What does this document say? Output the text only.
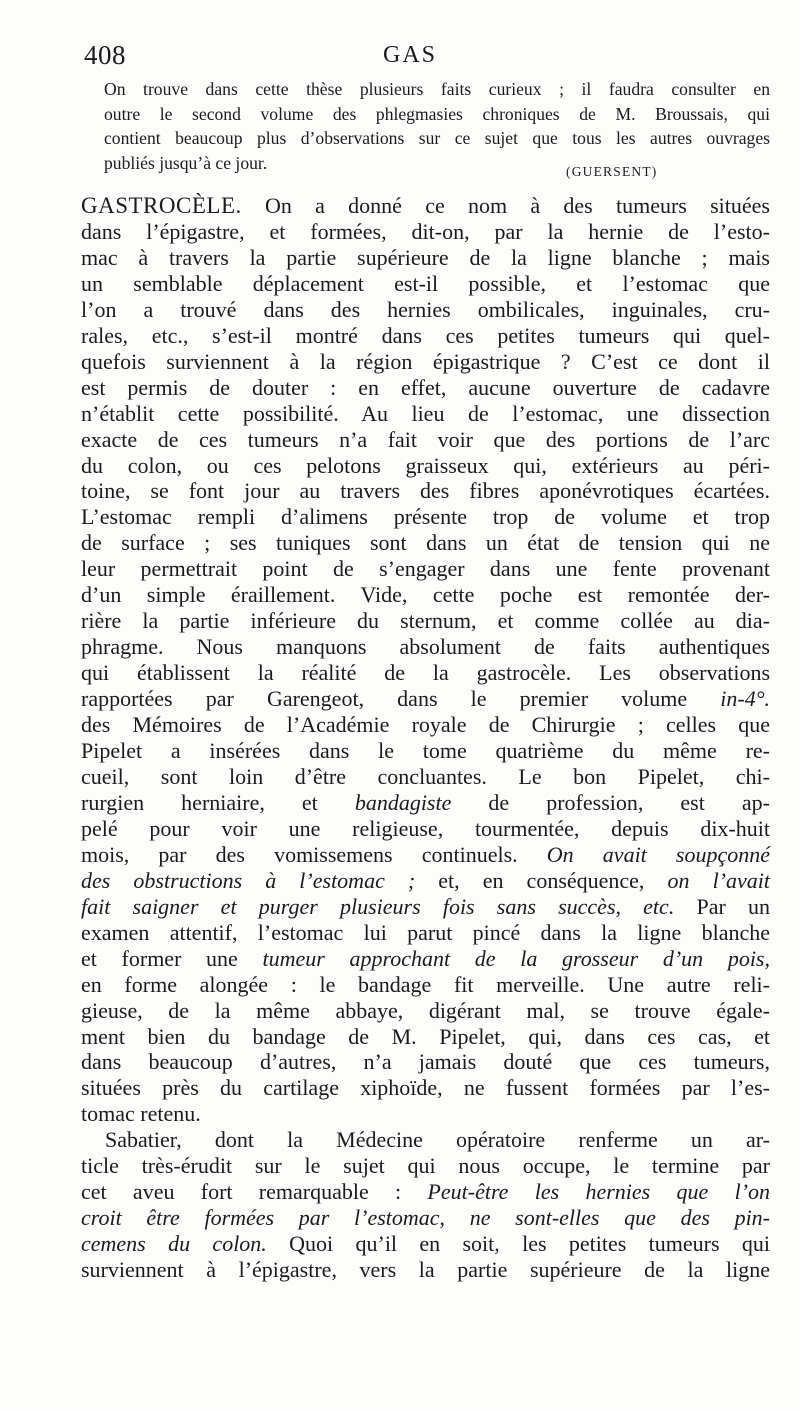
408	GAS
On trouve dans cette thèse plusieurs faits curieux ; il faudra consulter en
outre le second volume des phlegmasies chroniques de M. Broussais, qui
contient beaucoup plus d’observations sur ce sujet que tous les autres ouvrages
publiés jusqu’à ce jour.	(GUERSENT)
GASTROCÈLE. On a donné ce nom à des tumeurs situées
dans l’épigastre, et formées, dit-on, par la hernie de l’esto-
mac à travers la partie supérieure de la ligne blanche ; mais
un semblable déplacement est-il possible, et l’estomac que
l’on a trouvé dans des hernies ombilicales, inguinales, cru-
rales, etc., s’est-il montré dans ces petites tumeurs qui quel-
quefois surviennent à la région épigastrique ? C’est ce dont il
est permis de douter : en effet, aucune ouverture de cadavre
n’établit cette possibilité. Au lieu de l’estomac, une dissection
exacte de ces tumeurs n’a fait voir que des portions de l’arc
du colon, ou ces pelotons graisseux qui, extérieurs au péri-
toine, se font jour au travers des fibres aponévrotiques écartées.
L’estomac rempli d’alimens présente trop de volume et trop
de surface ; ses tuniques sont dans un état de tension qui ne
leur permettrait point de s’engager dans une fente provenant
d’un simple éraillement. Vide, cette poche est remontée der-
rière la partie inférieure du sternum, et comme collée au dia-
phragme. Nous manquons absolument de faits authentiques
qui établissent la réalité de la gastrocèle. Les observations
rapportées par Garengeot, dans le premier volume in-4°.
des Mémoires de l’Académie royale de Chirurgie ; celles que
Pipelet a insérées dans le tome quatrième du même re-
cueil, sont loin d’être concluantes. Le bon Pipelet, chi-
rurgien herniaire, et bandagiste de profession, est ap-
pelé pour voir une religieuse, tourmentée, depuis dix-huit
mois, par des vomissemens continuels. On avait soupçonné
des obstructions à l’estomac ; et, en conséquence, on l’avait
fait saigner et purger plusieurs fois sans succès, etc. Par un
examen attentif, l’estomac lui parut pincé dans la ligne blanche
et former une tumeur approchant de la grosseur d’un pois,
en forme alongée : le bandage fit merveille. Une autre reli-
gieuse, de la même abbaye, digérant mal, se trouve égale-
ment bien du bandage de M. Pipelet, qui, dans ces cas, et
dans beaucoup d’autres, n’a jamais douté que ces tumeurs,
situées près du cartilage xiphoïde, ne fussent formées par l’es-
tomac retenu.
Sabatier, dont la Médecine opératoire renferme un ar-
ticle très-érudit sur le sujet qui nous occupe, le termine par
cet aveu fort remarquable : Peut-être les hernies que l’on
croit être formées par l’estomac, ne sont-elles que des pin-
cemens du colon. Quoi qu’il en soit, les petites tumeurs qui
surviennent à l’épigastre, vers la partie supérieure de la ligne
